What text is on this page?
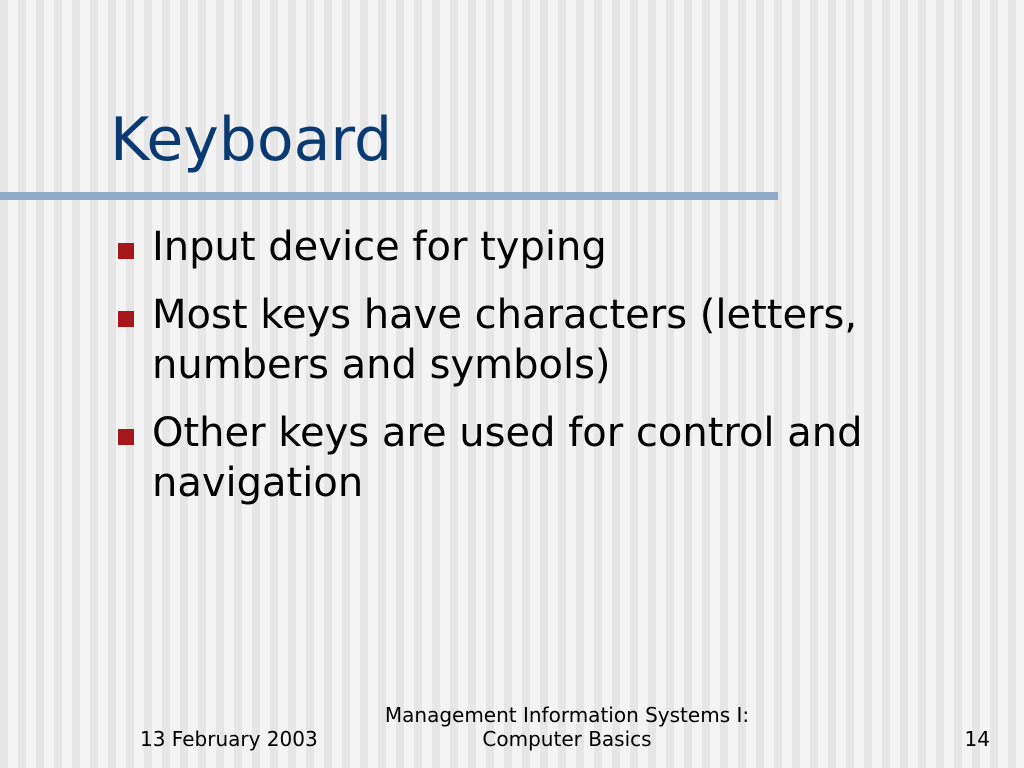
Keyboard
Input device for typing
Most keys have characters (letters, numbers and symbols)
Other keys are used for control and navigation
13 February 2003
Management Information Systems I:
Computer Basics	14
